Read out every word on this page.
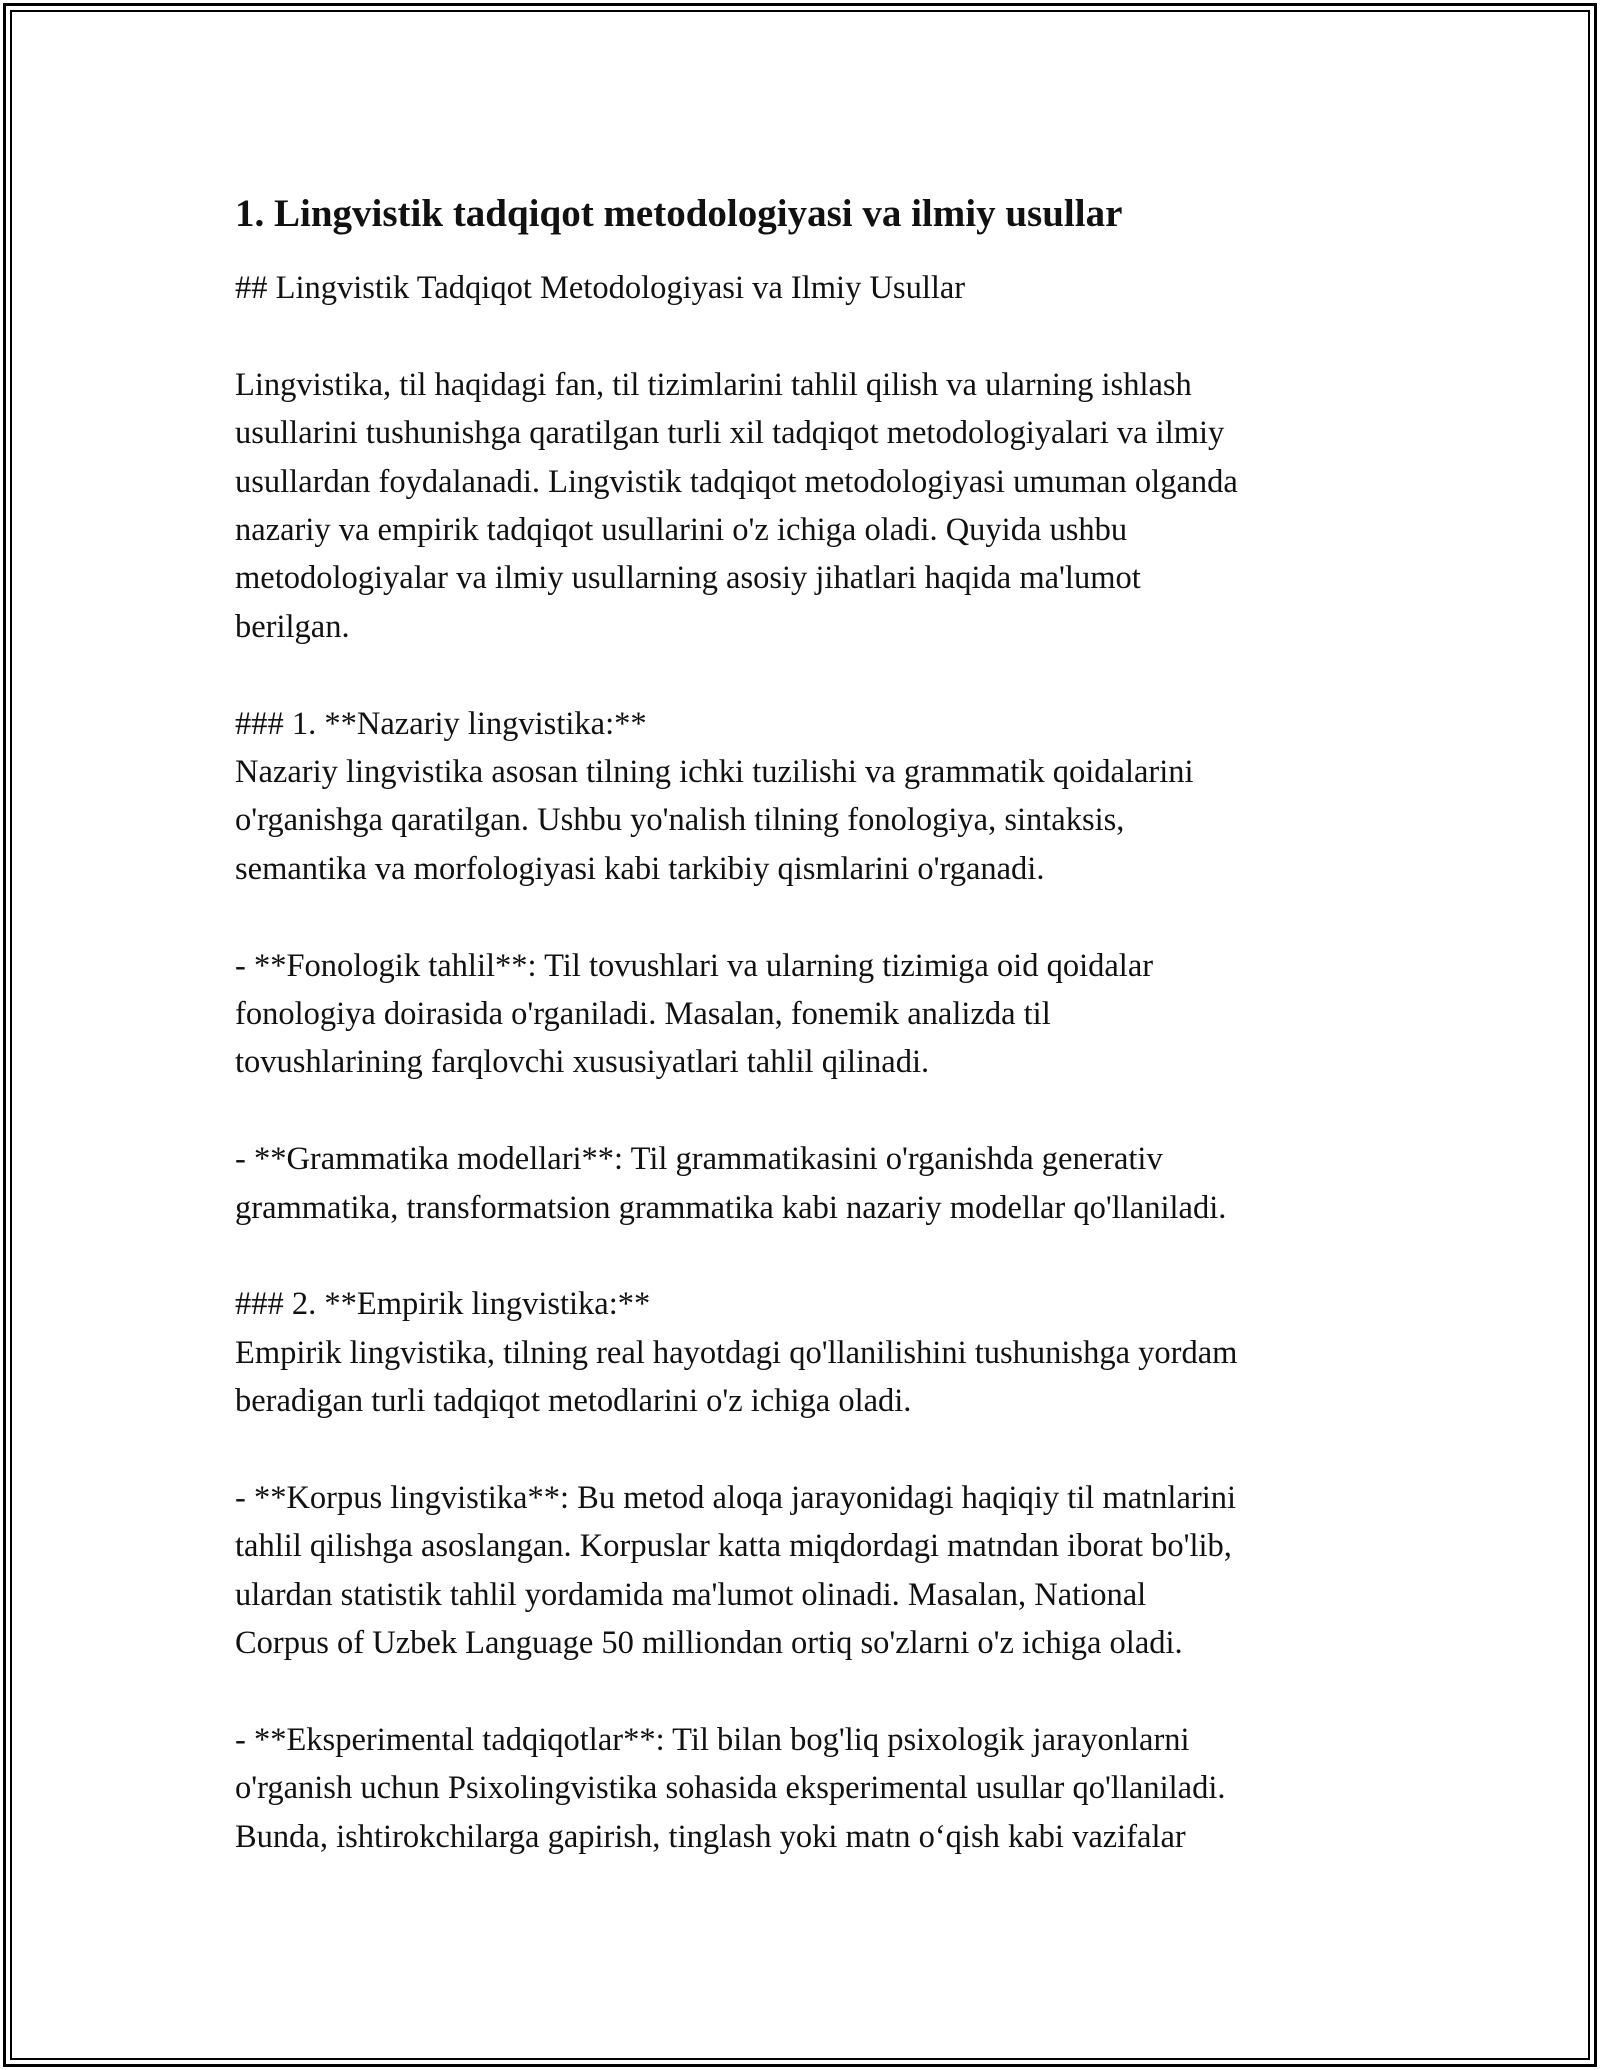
1. Lingvistik tadqiqot metodologiyasi va ilmiy usullar

## Lingvistik Tadqiqot Metodologiyasi va Ilmiy Usullar

Lingvistika, til haqidagi fan, til tizimlarini tahlil qilish va ularning ishlash

usullarini tushunishga qaratilgan turli xil tadqiqot metodologiyalari va ilmiy

usullardan foydalanadi. Lingvistik tadqiqot metodologiyasi umuman olganda

nazariy va empirik tadqiqot usullarini o'z ichiga oladi. Quyida ushbu

metodologiyalar va ilmiy usullarning asosiy jihatlari haqida ma'lumot

berilgan.

### 1. **Nazariy lingvistika:**

Nazariy lingvistika asosan tilning ichki tuzilishi va grammatik qoidalarini

o'rganishga qaratilgan. Ushbu yo'nalish tilning fonologiya, sintaksis,

semantika va morfologiyasi kabi tarkibiy qismlarini o'rganadi.

- **Fonologik tahlil**: Til tovushlari va ularning tizimiga oid qoidalar

fonologiya doirasida o'rganiladi. Masalan, fonemik analizda til

tovushlarining farqlovchi xususiyatlari tahlil qilinadi.

- **Grammatika modellari**: Til grammatikasini o'rganishda generativ

grammatika, transformatsion grammatika kabi nazariy modellar qo'llaniladi.

### 2. **Empirik lingvistika:**

Empirik lingvistika, tilning real hayotdagi qo'llanilishini tushunishga yordam

beradigan turli tadqiqot metodlarini o'z ichiga oladi.

- **Korpus lingvistika**: Bu metod aloqa jarayonidagi haqiqiy til matnlarini

tahlil qilishga asoslangan. Korpuslar katta miqdordagi matndan iborat bo'lib,

ulardan statistik tahlil yordamida ma'lumot olinadi. Masalan, National

Corpus of Uzbek Language 50 milliondan ortiq so'zlarni o'z ichiga oladi.

- **Eksperimental tadqiqotlar**: Til bilan bog'liq psixologik jarayonlarni

o'rganish uchun Psixolingvistika sohasida eksperimental usullar qo'llaniladi.

Bunda, ishtirokchilarga gapirish, tinglash yoki matn o‘qish kabi vazifalar
